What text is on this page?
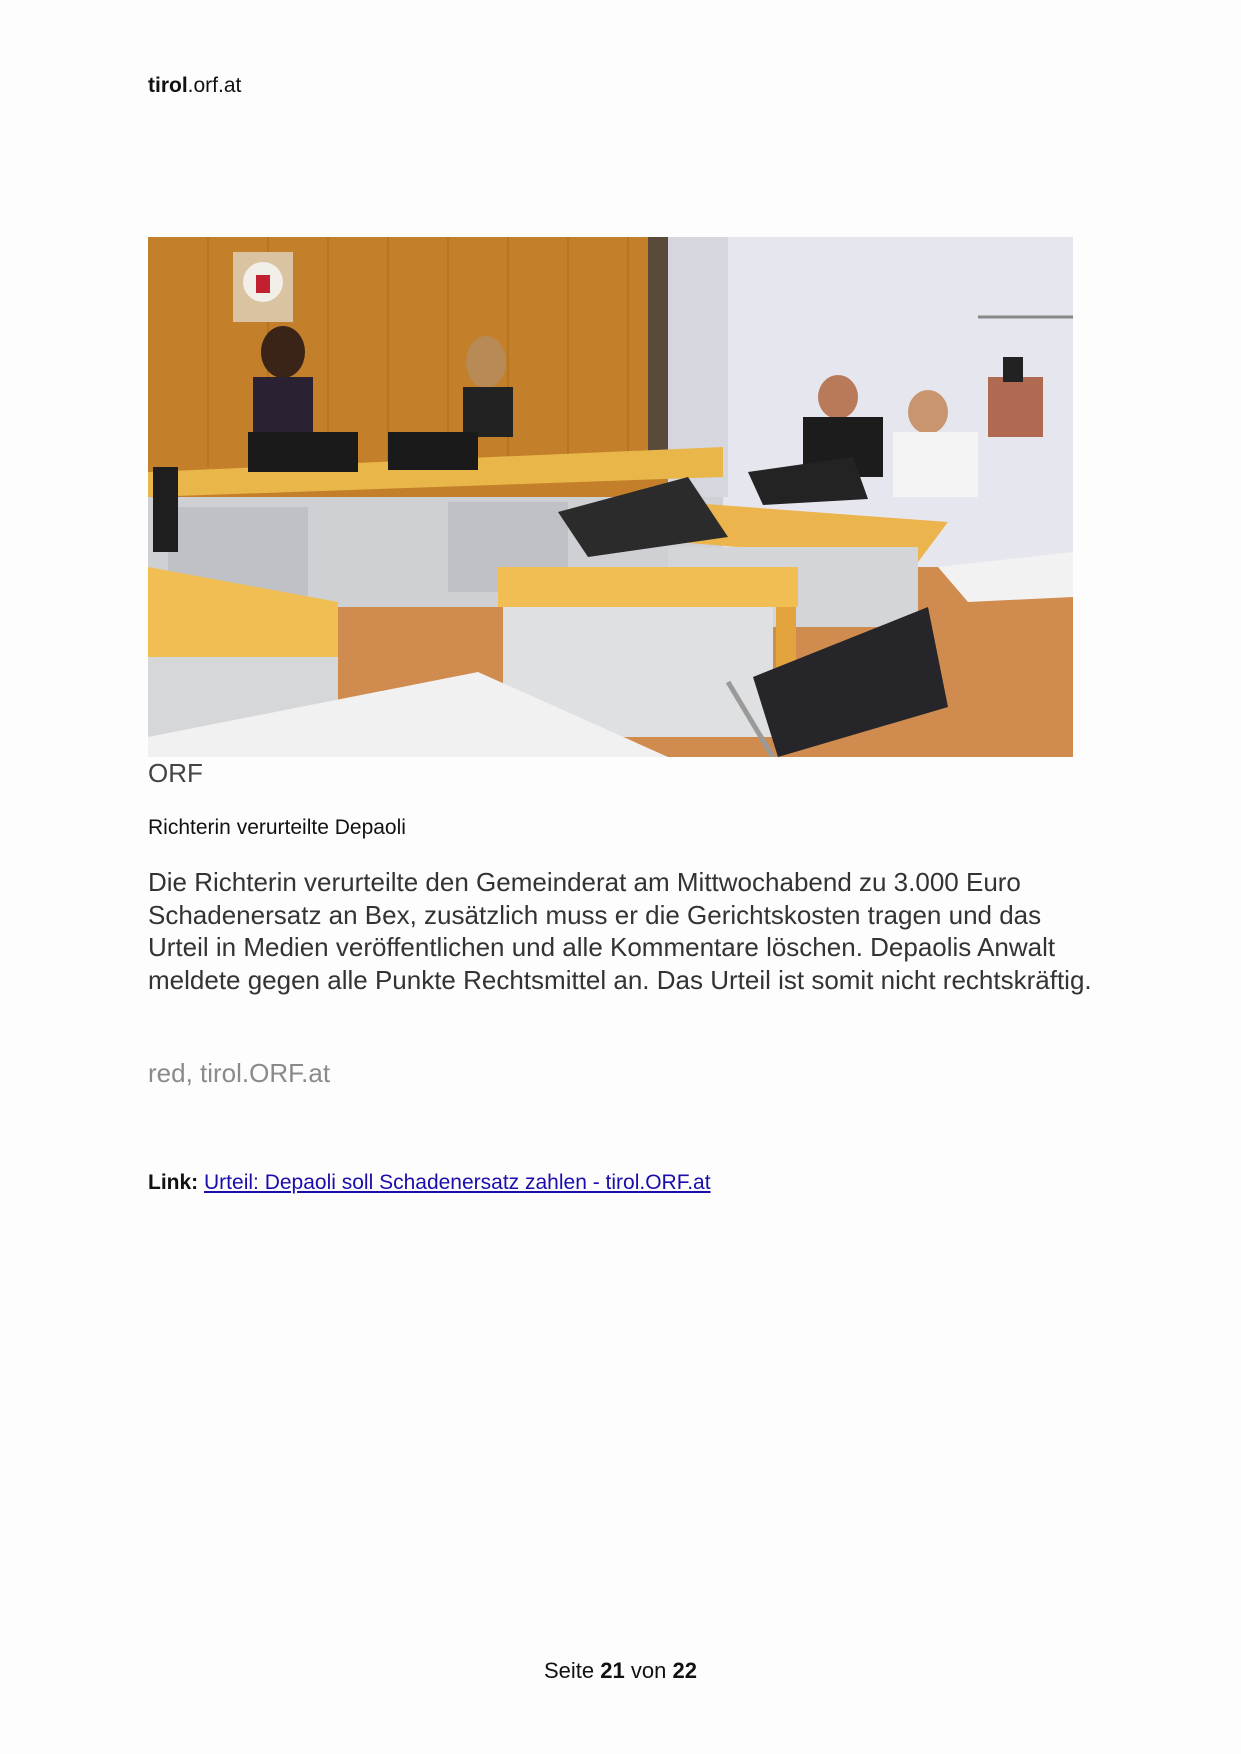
tirol.orf.at
ORF
Richterin verurteilte Depaoli
Die Richterin verurteilte den Gemeinderat am Mittwochabend zu 3.000 Euro Schadenersatz an Bex, zusätzlich muss er die Gerichtskosten tragen und das Urteil in Medien veröffentlichen und alle Kommentare löschen. Depaolis Anwalt meldete gegen alle Punkte Rechtsmittel an. Das Urteil ist somit nicht rechtskräftig.
red, tirol.ORF.at
Link: Urteil: Depaoli soll Schadenersatz zahlen - tirol.ORF.at
Seite 21 von 22
